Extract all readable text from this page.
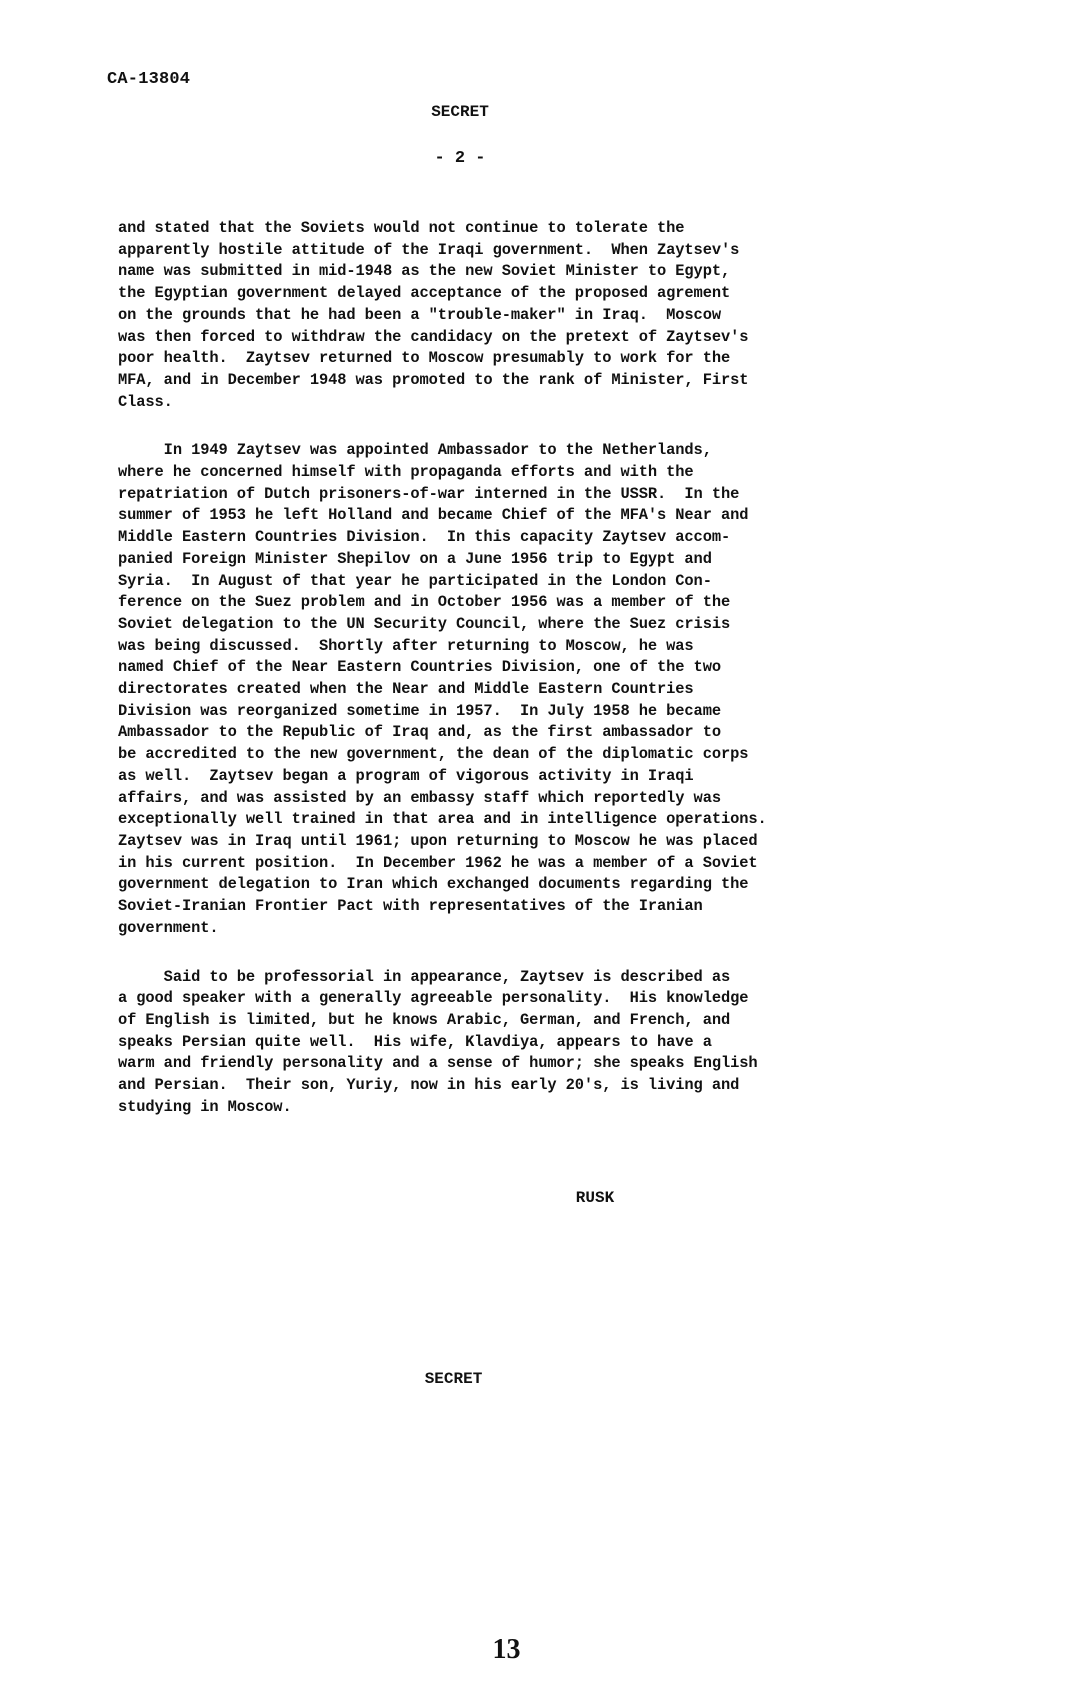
CA-13804
SECRET
- 2 -

and stated that the Soviets would not continue to tolerate the
apparently hostile attitude of the Iraqi government.  When Zaytsev's
name was submitted in mid-1948 as the new Soviet Minister to Egypt,
the Egyptian government delayed acceptance of the proposed agrement
on the grounds that he had been a "trouble-maker" in Iraq.  Moscow
was then forced to withdraw the candidacy on the pretext of Zaytsev's
poor health.  Zaytsev returned to Moscow presumably to work for the
MFA, and in December 1948 was promoted to the rank of Minister, First
Class.

In 1949 Zaytsev was appointed Ambassador to the Netherlands,
where he concerned himself with propaganda efforts and with the
repatriation of Dutch prisoners-of-war interned in the USSR.  In the
summer of 1953 he left Holland and became Chief of the MFA's Near and
Middle Eastern Countries Division.  In this capacity Zaytsev accom-
panied Foreign Minister Shepilov on a June 1956 trip to Egypt and
Syria.  In August of that year he participated in the London Con-
ference on the Suez problem and in October 1956 was a member of the
Soviet delegation to the UN Security Council, where the Suez crisis
was being discussed.  Shortly after returning to Moscow, he was
named Chief of the Near Eastern Countries Division, one of the two
directorates created when the Near and Middle Eastern Countries
Division was reorganized sometime in 1957.  In July 1958 he became
Ambassador to the Republic of Iraq and, as the first ambassador to
be accredited to the new government, the dean of the diplomatic corps
as well.  Zaytsev began a program of vigorous activity in Iraqi
affairs, and was assisted by an embassy staff which reportedly was
exceptionally well trained in that area and in intelligence operations.
Zaytsev was in Iraq until 1961; upon returning to Moscow he was placed
in his current position.  In December 1962 he was a member of a Soviet
government delegation to Iran which exchanged documents regarding the
Soviet-Iranian Frontier Pact with representatives of the Iranian
government.

Said to be professorial in appearance, Zaytsev is described as
a good speaker with a generally agreeable personality.  His knowledge
of English is limited, but he knows Arabic, German, and French, and
speaks Persian quite well.  His wife, Klavdiya, appears to have a
warm and friendly personality and a sense of humor; she speaks English
and Persian.  Their son, Yuriy, now in his early 20's, is living and
studying in Moscow.

RUSK
SECRET
13
